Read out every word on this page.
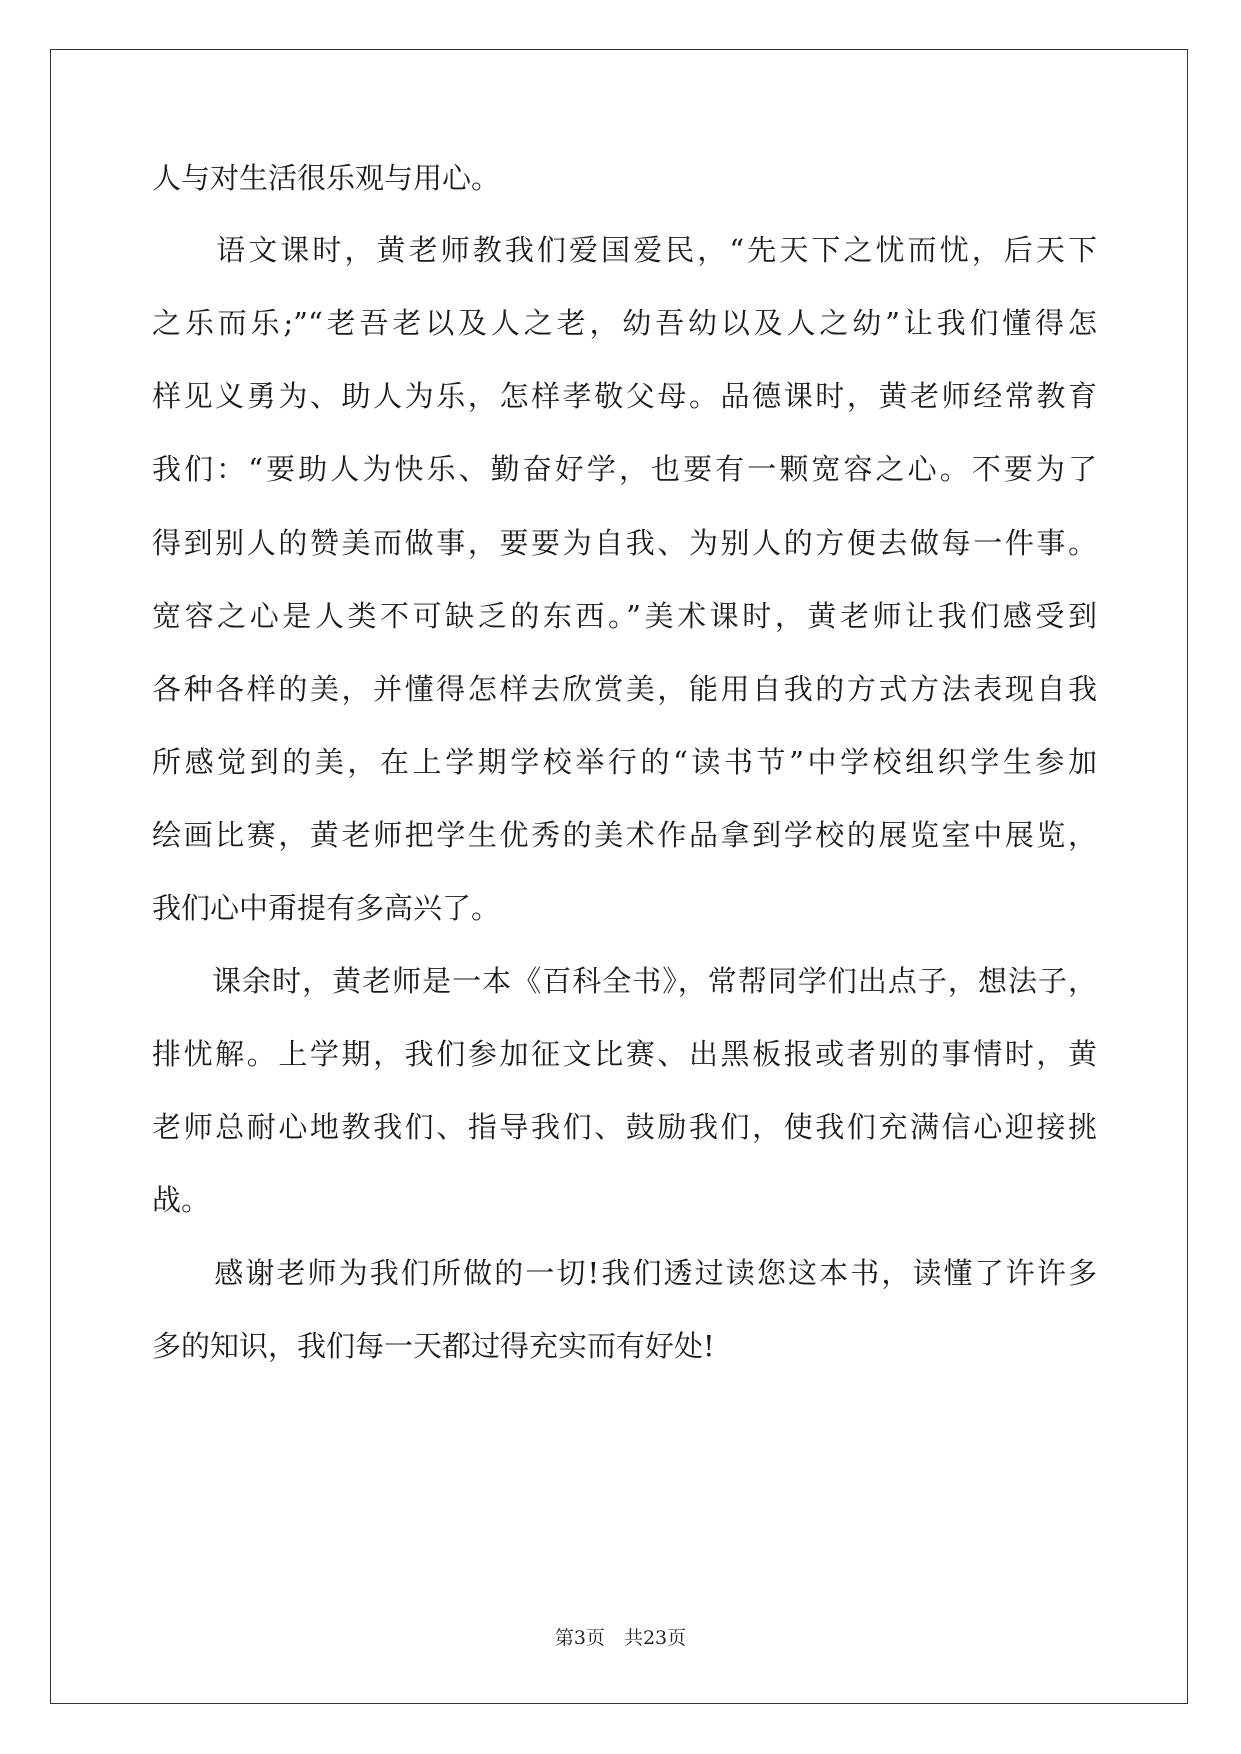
人与对生活很乐观与用心。
　　语文课时，黄老师教我们爱国爱民，“先天下之忧而忧，后天下
之乐而乐;”“老吾老以及人之老，幼吾幼以及人之幼”让我们懂得怎
样见义勇为、助人为乐，怎样孝敬父母。品德课时，黄老师经常教育
我们：“要助人为快乐、勤奋好学，也要有一颗宽容之心。不要为了
得到别人的赞美而做事，要要为自我、为别人的方便去做每一件事。
宽容之心是人类不可缺乏的东西。”美术课时，黄老师让我们感受到
各种各样的美，并懂得怎样去欣赏美，能用自我的方式方法表现自我
所感觉到的美，在上学期学校举行的“读书节”中学校组织学生参加
绘画比赛，黄老师把学生优秀的美术作品拿到学校的展览室中展览，
我们心中甭提有多高兴了。
　　课余时，黄老师是一本《百科全书》，常帮同学们出点子，想法子，
排忧解。上学期，我们参加征文比赛、出黑板报或者别的事情时，黄
老师总耐心地教我们、指导我们、鼓励我们，使我们充满信心迎接挑
战。
　　感谢老师为我们所做的一切!我们透过读您这本书，读懂了许许多
多的知识，我们每一天都过得充实而有好处!
第3页　共23页
